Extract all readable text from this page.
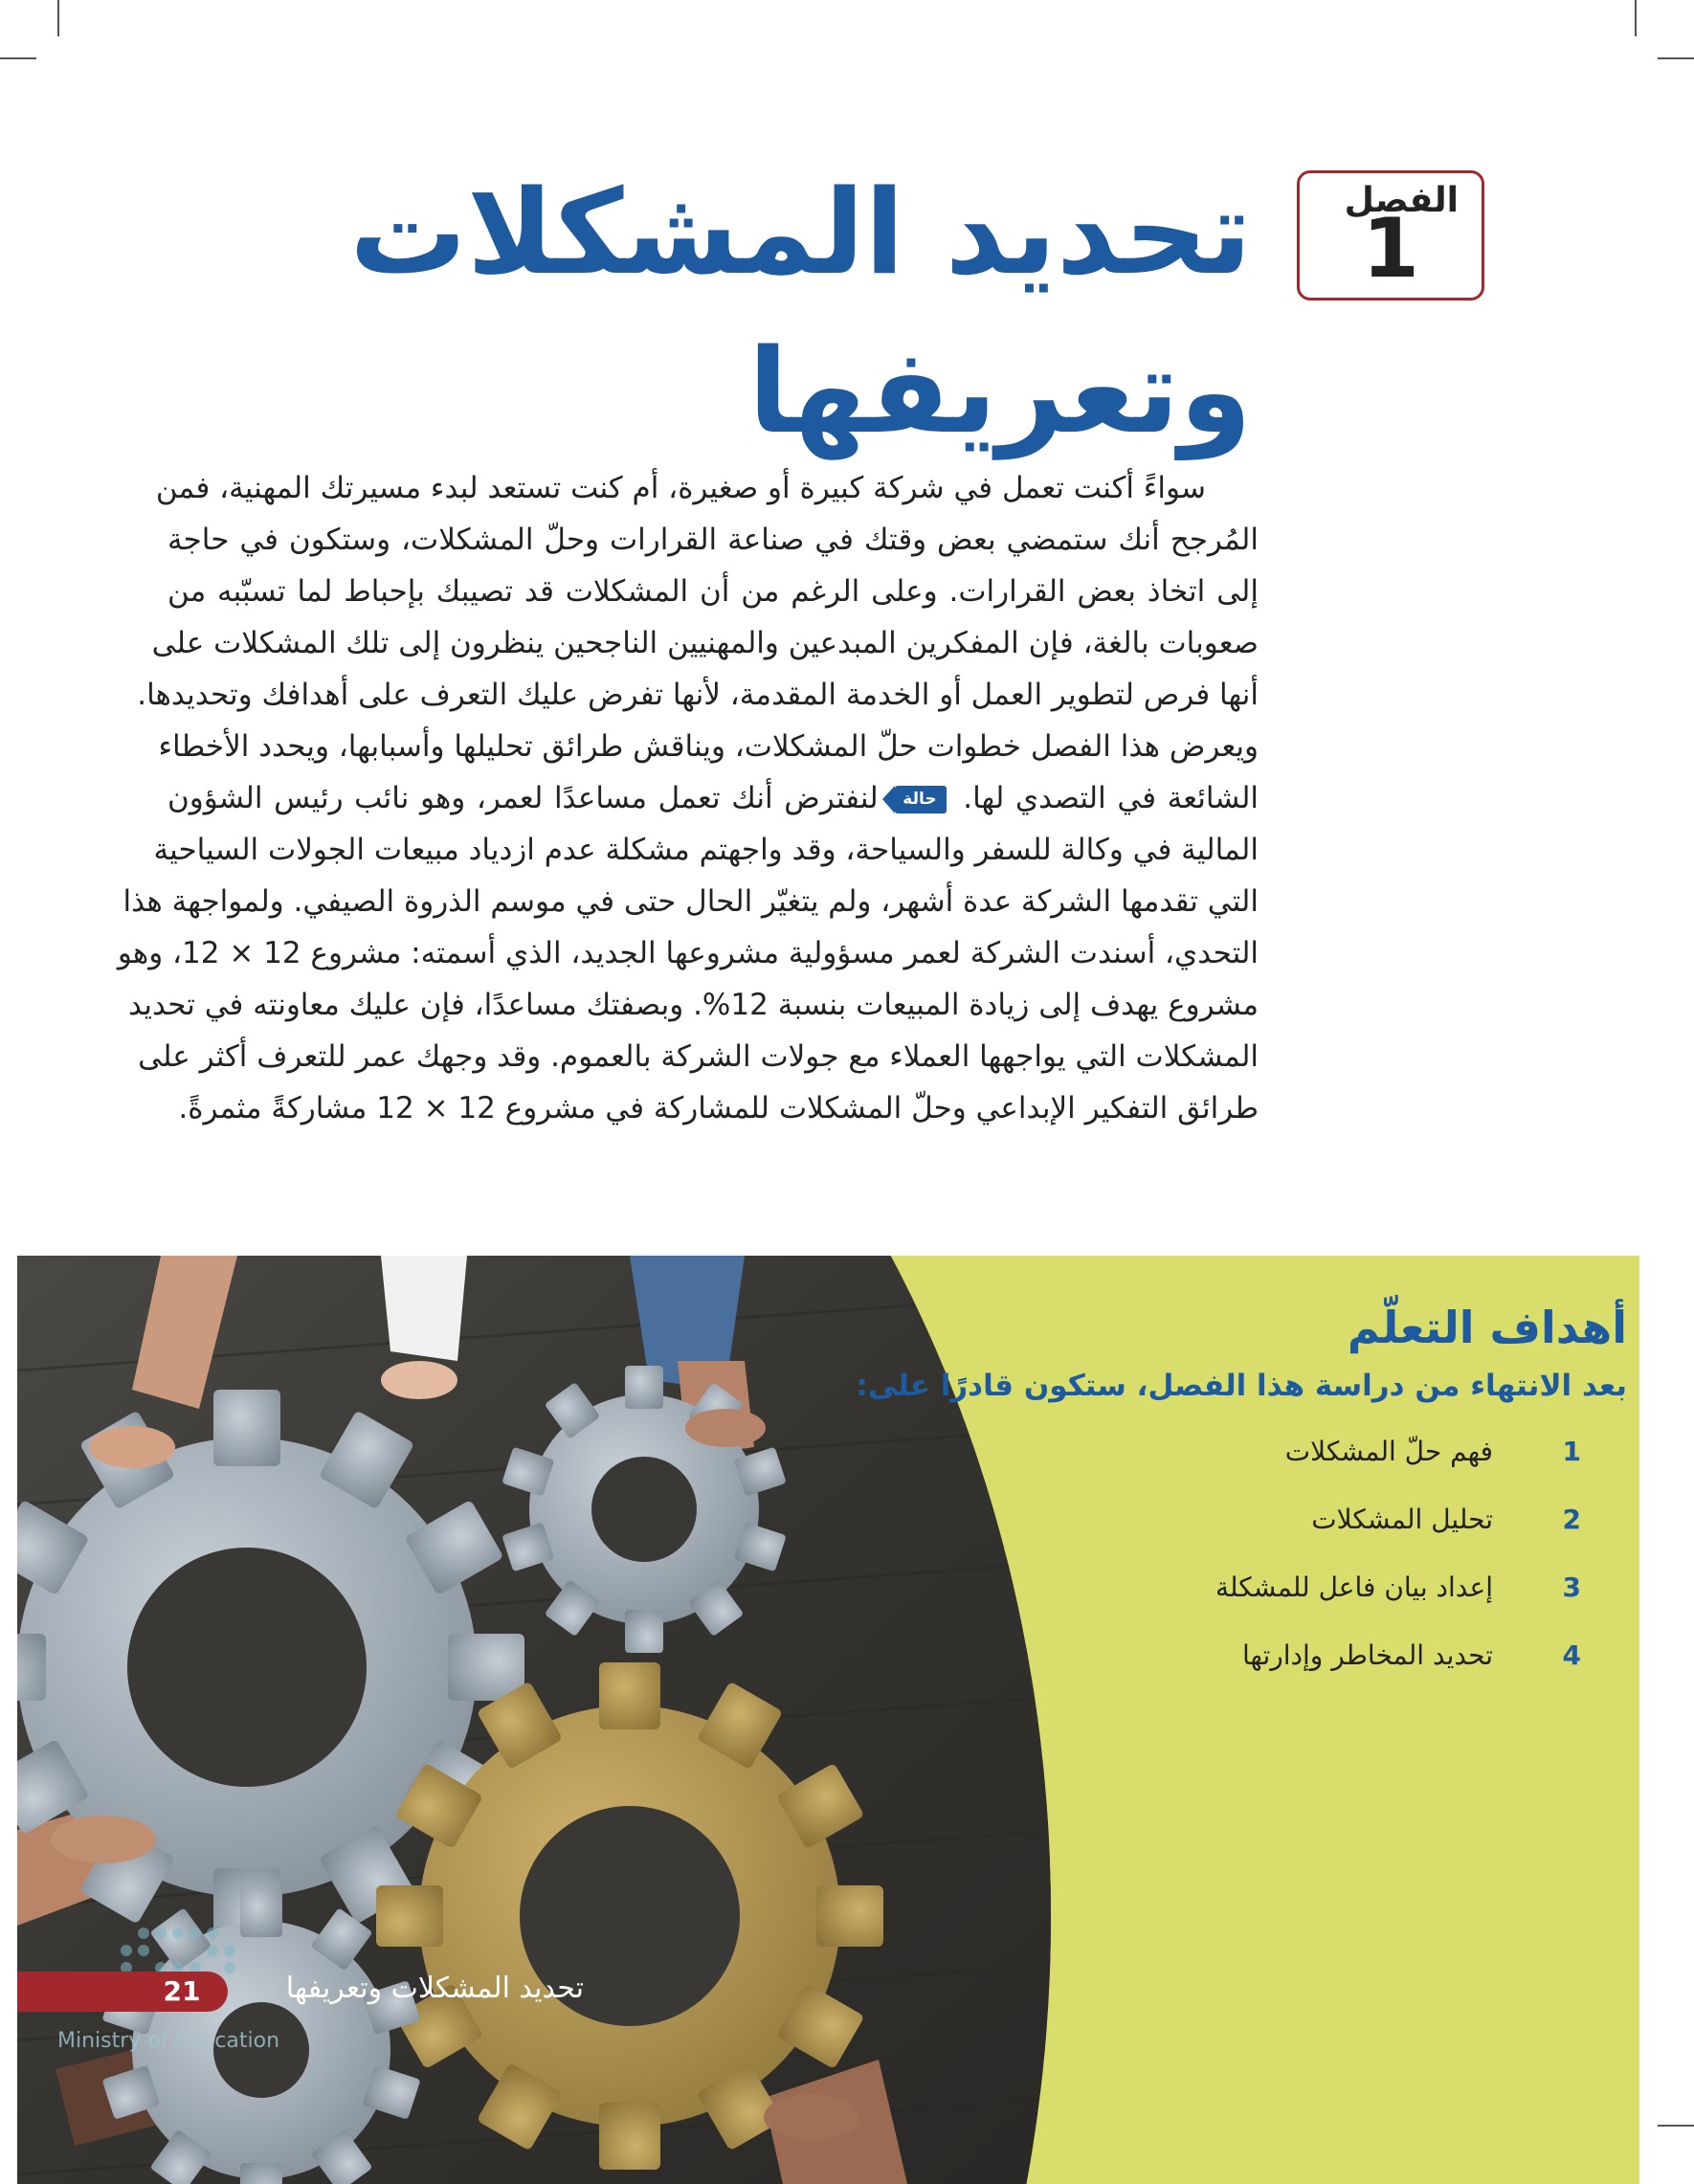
الفصل
1
تحديد المشكلات
وتعريفها
سواءً أكنت تعمل في شركة كبيرة أو صغيرة، أم كنت تستعد لبدء مسيرتك المهنية، فمن
المُرجح أنك ستمضي بعض وقتك في صناعة القرارات وحلّ المشكلات، وستكون في حاجة
إلى اتخاذ بعض القرارات. وعلى الرغم من أن المشكلات قد تصيبك بإحباط لما تسبّبه من
صعوبات بالغة، فإن المفكرين المبدعين والمهنيين الناجحين ينظرون إلى تلك المشكلات على
أنها فرص لتطوير العمل أو الخدمة المقدمة، لأنها تفرض عليك التعرف على أهدافك وتحديدها.
ويعرض هذا الفصل خطوات حلّ المشكلات، ويناقش طرائق تحليلها وأسبابها، ويحدد الأخطاء
الشائعة في التصدي لها. حالة لنفترض أنك تعمل مساعدًا لعمر، وهو نائب رئيس الشؤون
المالية في وكالة للسفر والسياحة، وقد واجهتم مشكلة عدم ازدياد مبيعات الجولات السياحية
التي تقدمها الشركة عدة أشهر، ولم يتغيّر الحال حتى في موسم الذروة الصيفي. ولمواجهة هذا
التحدي، أسندت الشركة لعمر مسؤولية مشروعها الجديد، الذي أسمته: مشروع 12 × 12، وهو
مشروع يهدف إلى زيادة المبيعات بنسبة 12%. وبصفتك مساعدًا، فإن عليك معاونته في تحديد
المشكلات التي يواجهها العملاء مع جولات الشركة بالعموم. وقد وجهك عمر للتعرف أكثر على
طرائق التفكير الإبداعي وحلّ المشكلات للمشاركة في مشروع 12 × 12 مشاركةً مثمرةً.
أهداف التعلّم
بعد الانتهاء من دراسة هذا الفصل، ستكون قادرًا على:
1
فهم حلّ المشكلات
2
تحليل المشكلات
3
إعداد بيان فاعل للمشكلة
4
تحديد المخاطر وإدارتها
21	تحديد المشكلات وتعريفها
Ministry of Education
